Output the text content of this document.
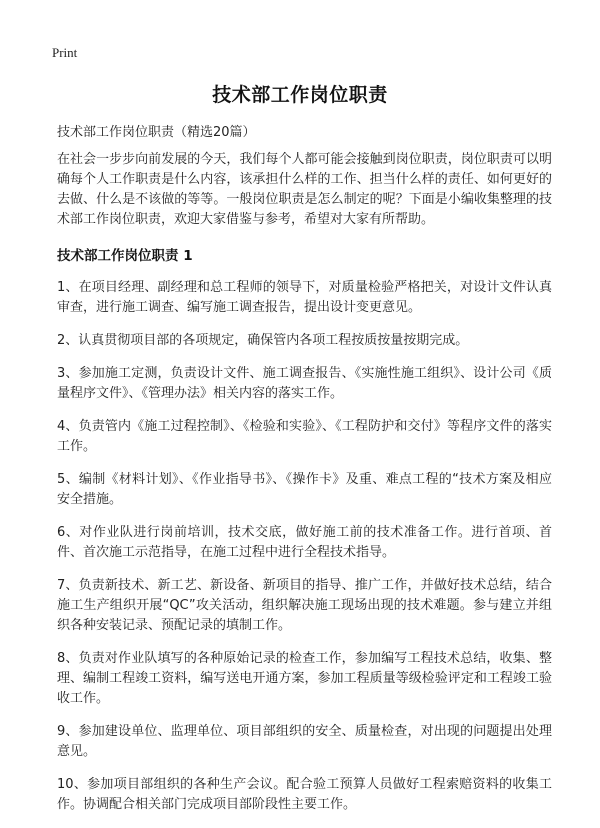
Print
技术部工作岗位职责
技术部工作岗位职责（精选20篇）

在社会一步步向前发展的今天，我们每个人都可能会接触到岗位职责，岗位职责可以明确每个人工作职责是什么内容，该承担什么样的工作、担当什么样的责任、如何更好的去做、什么是不该做的等等。一般岗位职责是怎么制定的呢？下面是小编收集整理的技术部工作岗位职责，欢迎大家借鉴与参考，希望对大家有所帮助。

技术部工作岗位职责 1

1、在项目经理、副经理和总工程师的领导下，对质量检验严格把关，对设计文件认真审查，进行施工调查、编写施工调查报告，提出设计变更意见。

2、认真贯彻项目部的各项规定，确保管内各项工程按质按量按期完成。

3、参加施工定测，负责设计文件、施工调查报告、《实施性施工组织》、设计公司《质量程序文件》、《管理办法》相关内容的落实工作。

4、负责管内《施工过程控制》、《检验和实验》、《工程防护和交付》等程序文件的落实工作。

5、编制《材料计划》、《作业指导书》、《操作卡》及重、难点工程的“技术方案及相应安全措施。

6、对作业队进行岗前培训，技术交底，做好施工前的技术准备工作。进行首项、首件、首次施工示范指导，在施工过程中进行全程技术指导。

7、负责新技术、新工艺、新设备、新项目的指导、推广工作，并做好技术总结，结合施工生产组织开展“QC”攻关活动，组织解决施工现场出现的技术难题。参与建立并组织各种安装记录、预配记录的填制工作。

8、负责对作业队填写的各种原始记录的检查工作，参加编写工程技术总结，收集、整理、编制工程竣工资料，编写送电开通方案，参加工程质量等级检验评定和工程竣工验收工作。

9、参加建设单位、监理单位、项目部组织的安全、质量检查，对出现的问题提出处理意见。

10、参加项目部组织的各种生产会议。配合验工预算人员做好工程索赔资料的收集工作。协调配合相关部门完成项目部阶段性主要工作。
